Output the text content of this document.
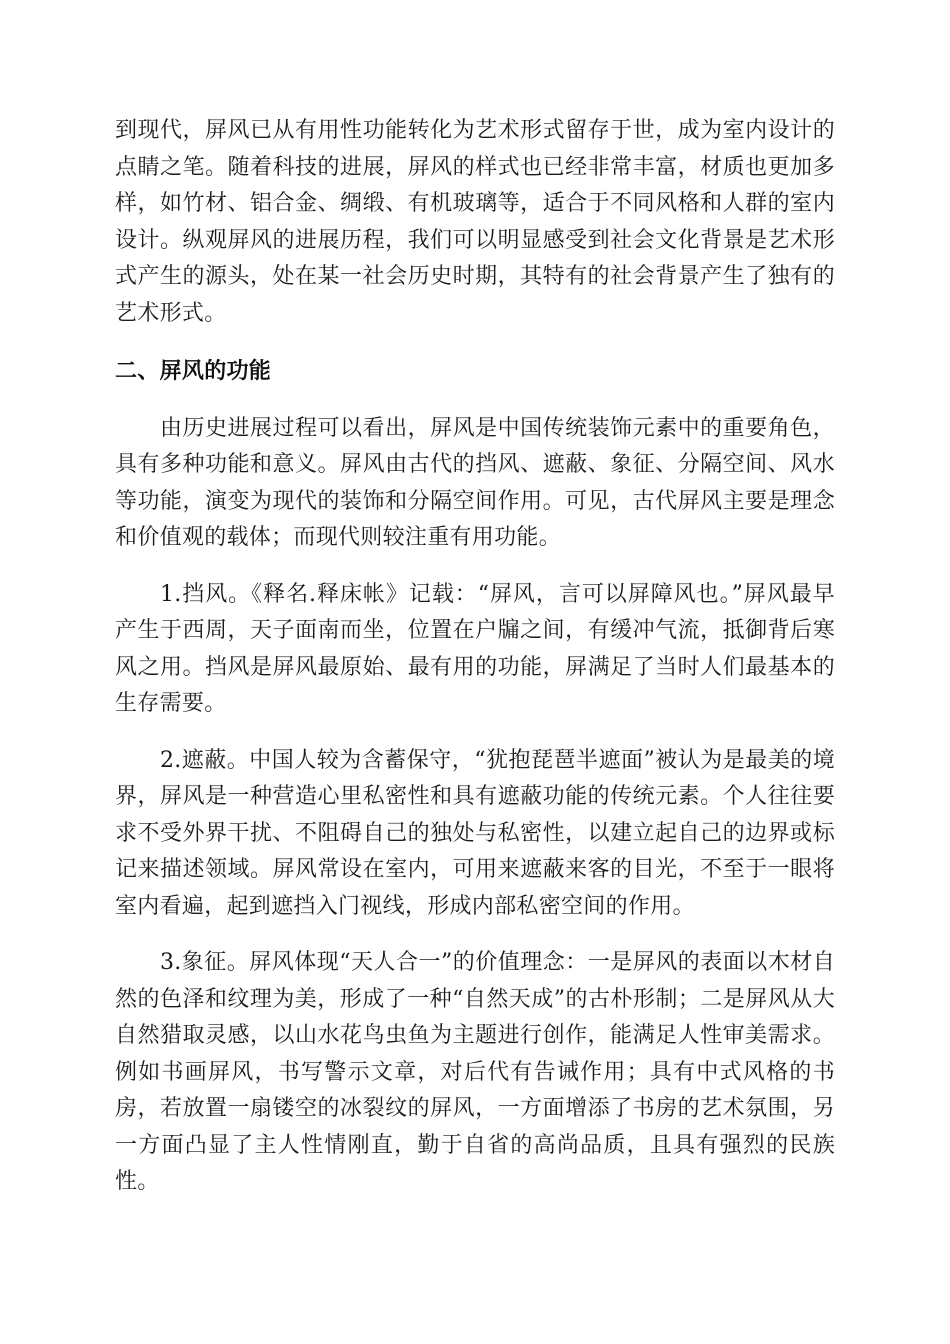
到现代，屏风已从有用性功能转化为艺术形式留存于世，成为室内设计的点睛之笔。随着科技的进展，屏风的样式也已经非常丰富，材质也更加多样，如竹材、铝合金、绸缎、有机玻璃等，适合于不同风格和人群的室内设计。纵观屏风的进展历程，我们可以明显感受到社会文化背景是艺术形式产生的源头，处在某一社会历史时期，其特有的社会背景产生了独有的艺术形式。

二、屏风的功能

由历史进展过程可以看出，屏风是中国传统装饰元素中的重要角色，具有多种功能和意义。屏风由古代的挡风、遮蔽、象征、分隔空间、风水等功能，演变为现代的装饰和分隔空间作用。可见，古代屏风主要是理念和价值观的载体；而现代则较注重有用功能。

1.挡风。《释名.释床帐》记载：“屏风，言可以屏障风也。”屏风最早产生于西周，天子面南而坐，位置在户牖之间，有缓冲气流，抵御背后寒风之用。挡风是屏风最原始、最有用的功能，屏满足了当时人们最基本的生存需要。

2.遮蔽。中国人较为含蓄保守，“犹抱琵琶半遮面”被认为是最美的境界，屏风是一种营造心里私密性和具有遮蔽功能的传统元素。个人往往要求不受外界干扰、不阻碍自己的独处与私密性，以建立起自己的边界或标记来描述领域。屏风常设在室内，可用来遮蔽来客的目光，不至于一眼将室内看遍，起到遮挡入门视线，形成内部私密空间的作用。

3.象征。屏风体现“天人合一”的价值理念：一是屏风的表面以木材自然的色泽和纹理为美，形成了一种“自然天成”的古朴形制；二是屏风从大自然猎取灵感，以山水花鸟虫鱼为主题进行创作，能满足人性审美需求。例如书画屏风，书写警示文章，对后代有告诫作用；具有中式风格的书房，若放置一扇镂空的冰裂纹的屏风，一方面增添了书房的艺术氛围，另一方面凸显了主人性情刚直，勤于自省的高尚品质，且具有强烈的民族性。
